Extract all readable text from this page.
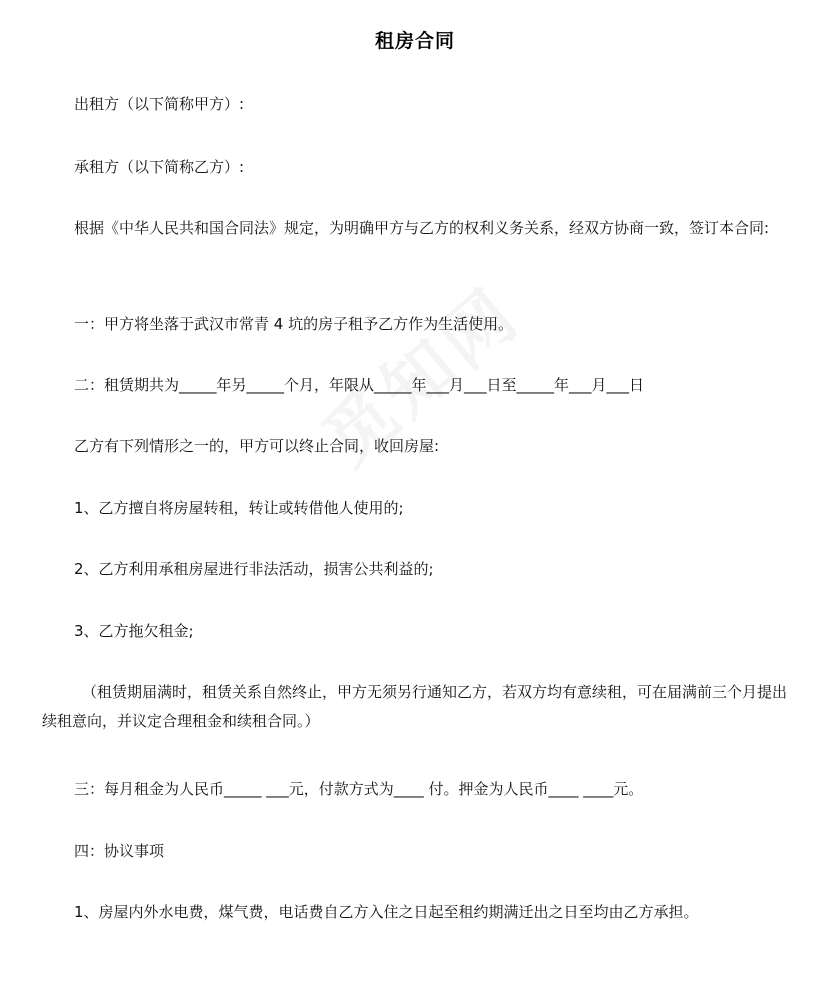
租房合同
出租方（以下简称甲方）:
承租方（以下简称乙方）:
根据《中华人民共和国合同法》规定，为明确甲方与乙方的权利义务关系，经双方协商一致，签订本合同:
一：甲方将坐落于武汉市常青 4 坑的房子租予乙方作为生活使用。
二：租赁期共为_____年另_____个月，年限从_____年___月___日至_____年___月___日
乙方有下列情形之一的，甲方可以终止合同，收回房屋:
1、乙方擅自将房屋转租，转让或转借他人使用的;
2、乙方利用承租房屋进行非法活动，损害公共利益的;
3、乙方拖欠租金;
（租赁期届满时，租赁关系自然终止，甲方无须另行通知乙方，若双方均有意续租，可在届满前三个月提出续租意向，并议定合理租金和续租合同。）
三：每月租金为人民币_____ ___元，付款方式为____ 付。押金为人民币____ ____元。
四：协议事项
1、房屋内外水电费，煤气费，电话费自乙方入住之日起至租约期满迁出之日至均由乙方承担。
